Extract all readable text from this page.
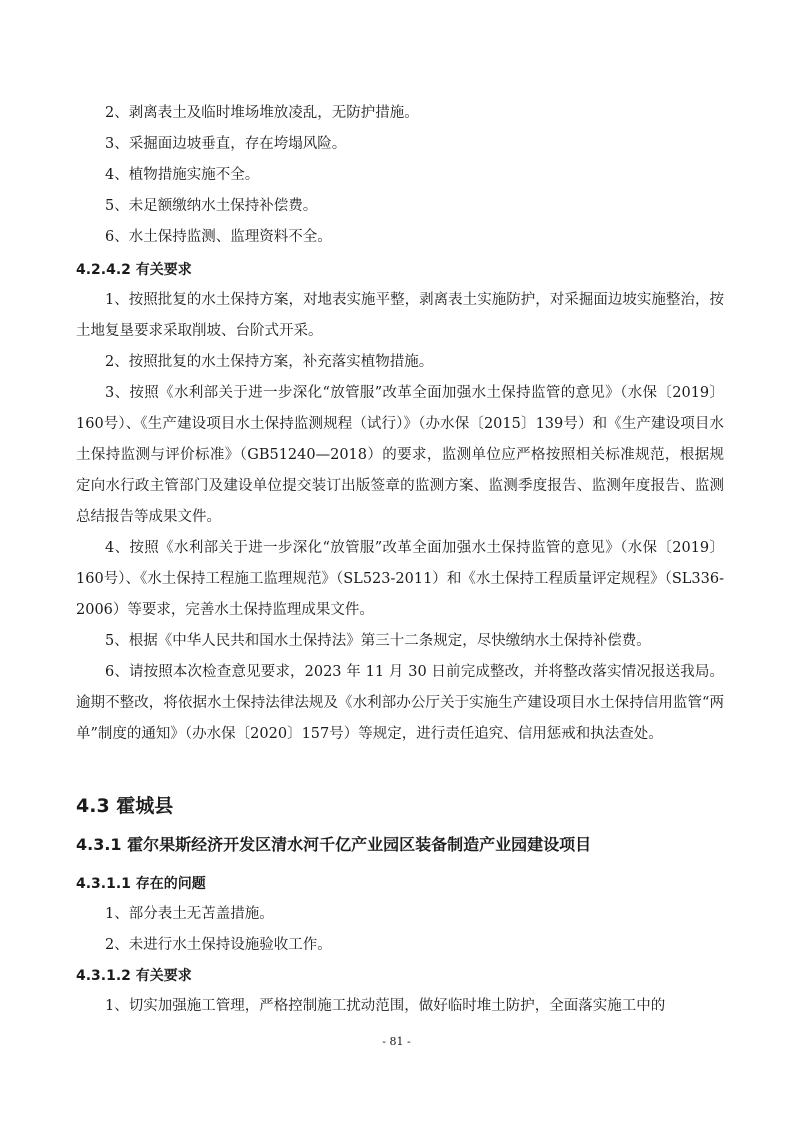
2、剥离表土及临时堆场堆放凌乱，无防护措施。

3、采掘面边坡垂直，存在垮塌风险。

4、植物措施实施不全。

5、未足额缴纳水土保持补偿费。

6、水土保持监测、监理资料不全。

4.2.4.2 有关要求

1、按照批复的水土保持方案，对地表实施平整，剥离表土实施防护，对采掘面边坡实施整治，按土地复垦要求采取削坡、台阶式开采。

2、按照批复的水土保持方案，补充落实植物措施。

3、按照《水利部关于进一步深化“放管服”改革全面加强水土保持监管的意见》（水保〔2019〕160号）、《生产建设项目水土保持监测规程（试行）》（办水保〔2015〕139号）和《生产建设项目水土保持监测与评价标准》（GB51240—2018）的要求，监测单位应严格按照相关标准规范，根据规定向水行政主管部门及建设单位提交装订出版签章的监测方案、监测季度报告、监测年度报告、监测总结报告等成果文件。

4、按照《水利部关于进一步深化“放管服”改革全面加强水土保持监管的意见》（水保〔2019〕160号）、《水土保持工程施工监理规范》（SL523-2011）和《水土保持工程质量评定规程》（SL336-2006）等要求，完善水土保持监理成果文件。

5、根据《中华人民共和国水土保持法》第三十二条规定，尽快缴纳水土保持补偿费。

6、请按照本次检查意见要求，2023 年 11 月 30 日前完成整改，并将整改落实情况报送我局。逾期不整改，将依据水土保持法律法规及《水利部办公厅关于实施生产建设项目水土保持信用监管“两单”制度的通知》（办水保〔2020〕157号）等规定，进行责任追究、信用惩戒和执法查处。

4.3 霍城县
4.3.1 霍尔果斯经济开发区清水河千亿产业园区装备制造产业园建设项目
4.3.1.1 存在的问题

1、部分表土无苫盖措施。

2、未进行水土保持设施验收工作。

4.3.1.2 有关要求

1、切实加强施工管理，严格控制施工扰动范围，做好临时堆土防护，全面落实施工中的

- 81 -
